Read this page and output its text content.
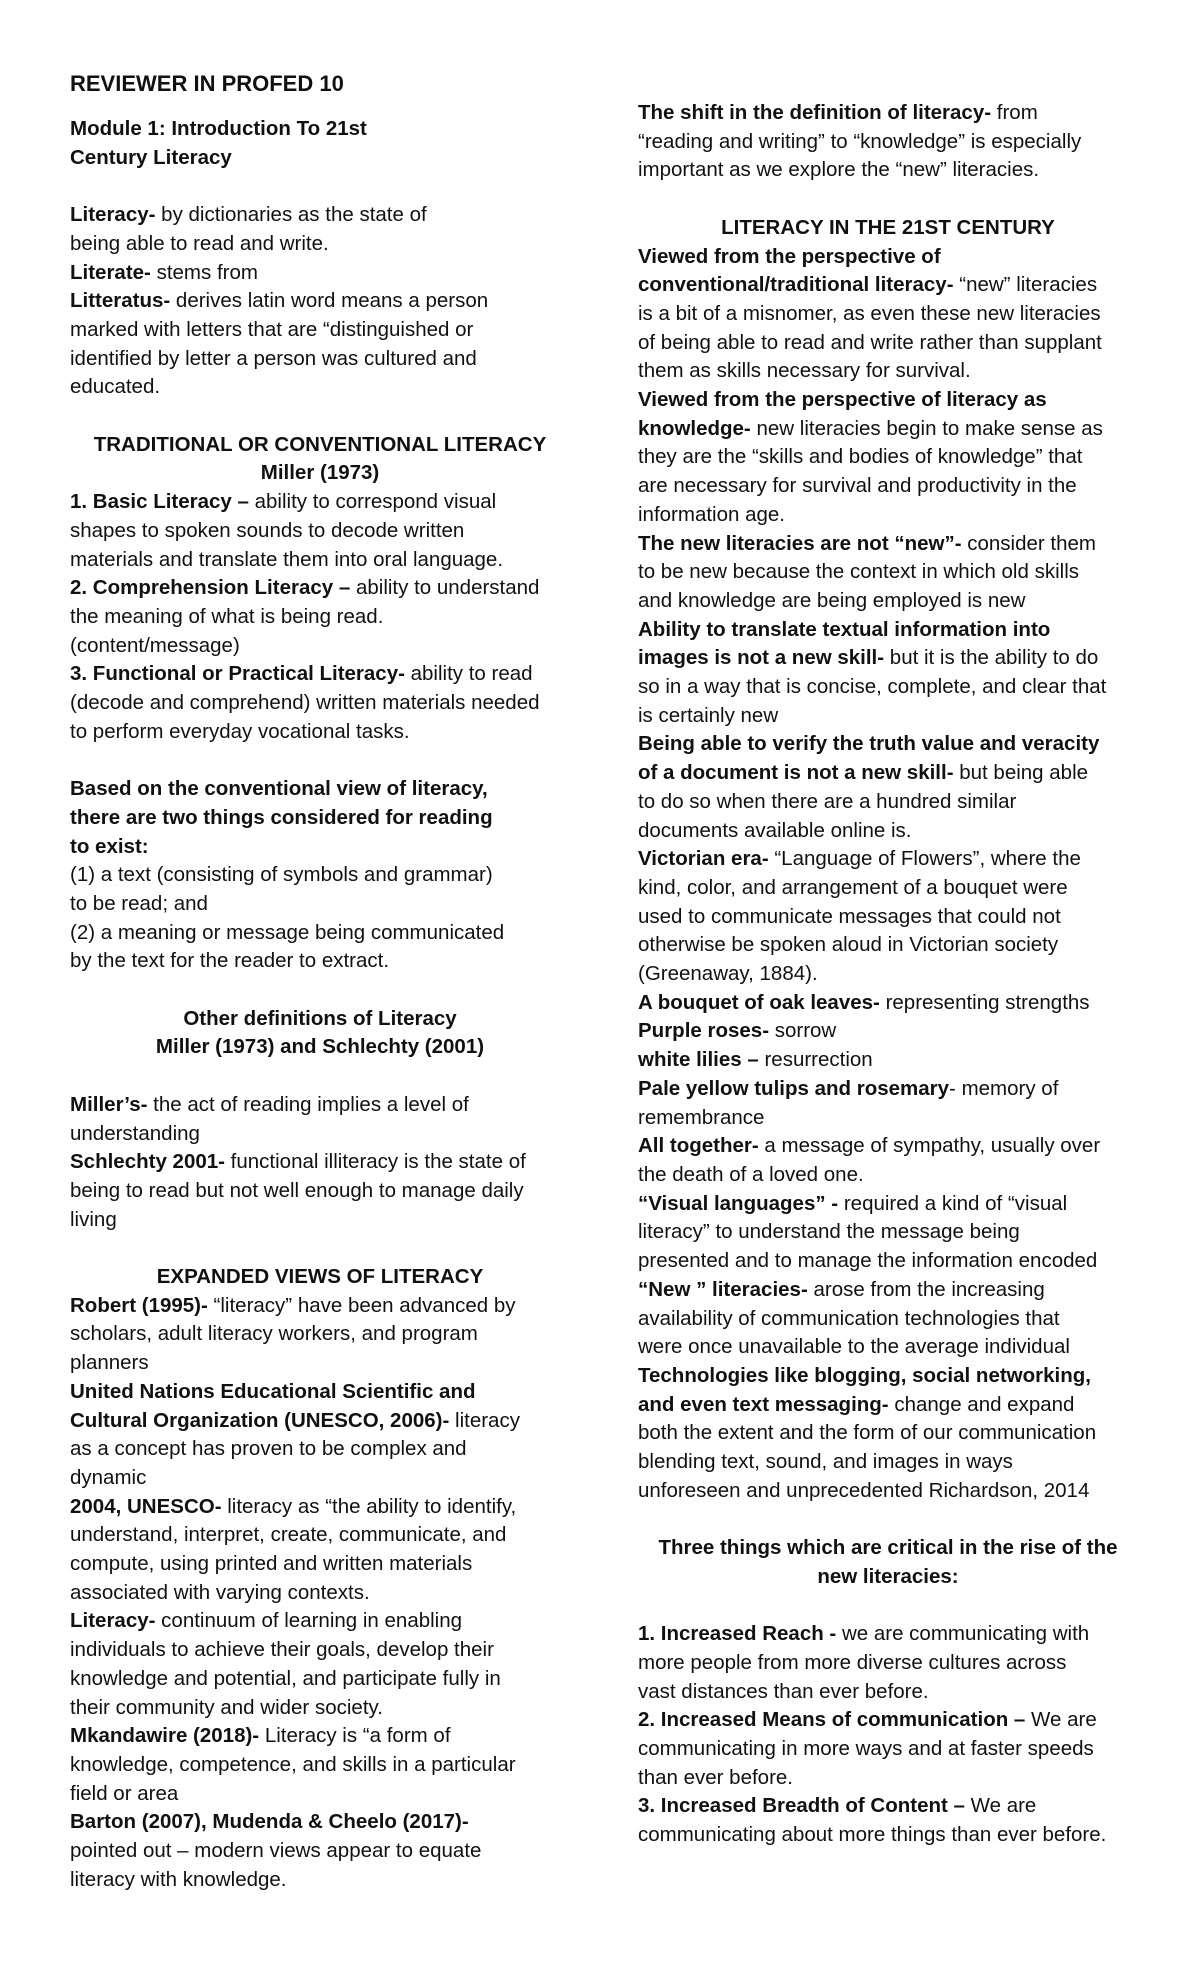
REVIEWER IN PROFED 10
Module 1: Introduction To 21st
Century Literacy
Literacy- by dictionaries as the state of
being able to read and write.
Literate- stems from
Litteratus- derives latin word means a person
marked with letters that are “distinguished or
identified by letter a person was cultured and
educated.
TRADITIONAL OR CONVENTIONAL LITERACY
Miller (1973)
1. Basic Literacy – ability to correspond visual
shapes to spoken sounds to decode written
materials and translate them into oral language.
2. Comprehension Literacy – ability to understand
the meaning of what is being read.
(content/message)
3. Functional or Practical Literacy- ability to read
(decode and comprehend) written materials needed
to perform everyday vocational tasks.
Based on the conventional view of literacy,
there are two things considered for reading
to exist:
(1) a text (consisting of symbols and grammar)
to be read; and
(2) a meaning or message being communicated
by the text for the reader to extract.
Other definitions of Literacy
Miller (1973) and Schlechty (2001)
Miller’s- the act of reading implies a level of
understanding
Schlechty 2001- functional illiteracy is the state of
being to read but not well enough to manage daily
living
EXPANDED VIEWS OF LITERACY
Robert (1995)- “literacy” have been advanced by
scholars, adult literacy workers, and program
planners
United Nations Educational Scientific and
Cultural Organization (UNESCO, 2006)- literacy
as a concept has proven to be complex and
dynamic
2004, UNESCO- literacy as “the ability to identify,
understand, interpret, create, communicate, and
compute, using printed and written materials
associated with varying contexts.
Literacy- continuum of learning in enabling
individuals to achieve their goals, develop their
knowledge and potential, and participate fully in
their community and wider society.
Mkandawire (2018)- Literacy is “a form of
knowledge, competence, and skills in a particular
field or area
Barton (2007), Mudenda & Cheelo (2017)-
pointed out – modern views appear to equate
literacy with knowledge.
The shift in the definition of literacy- from
“reading and writing” to “knowledge” is especially
important as we explore the “new” literacies.
LITERACY IN THE 21ST CENTURY
Viewed from the perspective of
conventional/traditional literacy- “new” literacies
is a bit of a misnomer, as even these new literacies
of being able to read and write rather than supplant
them as skills necessary for survival.
Viewed from the perspective of literacy as
knowledge- new literacies begin to make sense as
they are the “skills and bodies of knowledge” that
are necessary for survival and productivity in the
information age.
The new literacies are not “new”- consider them
to be new because the context in which old skills
and knowledge are being employed is new
Ability to translate textual information into
images is not a new skill- but it is the ability to do
so in a way that is concise, complete, and clear that
is certainly new
Being able to verify the truth value and veracity
of a document is not a new skill- but being able
to do so when there are a hundred similar
documents available online is.
Victorian era- “Language of Flowers”, where the
kind, color, and arrangement of a bouquet were
used to communicate messages that could not
otherwise be spoken aloud in Victorian society
(Greenaway, 1884).
A bouquet of oak leaves- representing strengths
Purple roses- sorrow
white lilies – resurrection
Pale yellow tulips and rosemary- memory of
remembrance
All together- a message of sympathy, usually over
the death of a loved one.
“Visual languages” - required a kind of “visual
literacy” to understand the message being
presented and to manage the information encoded
“New ” literacies- arose from the increasing
availability of communication technologies that
were once unavailable to the average individual
Technologies like blogging, social networking,
and even text messaging- change and expand
both the extent and the form of our communication
blending text, sound, and images in ways
unforeseen and unprecedented Richardson, 2014
Three things which are critical in the rise of the
new literacies:
1. Increased Reach - we are communicating with
more people from more diverse cultures across
vast distances than ever before.
2. Increased Means of communication – We are
communicating in more ways and at faster speeds
than ever before.
3. Increased Breadth of Content – We are
communicating about more things than ever before.
